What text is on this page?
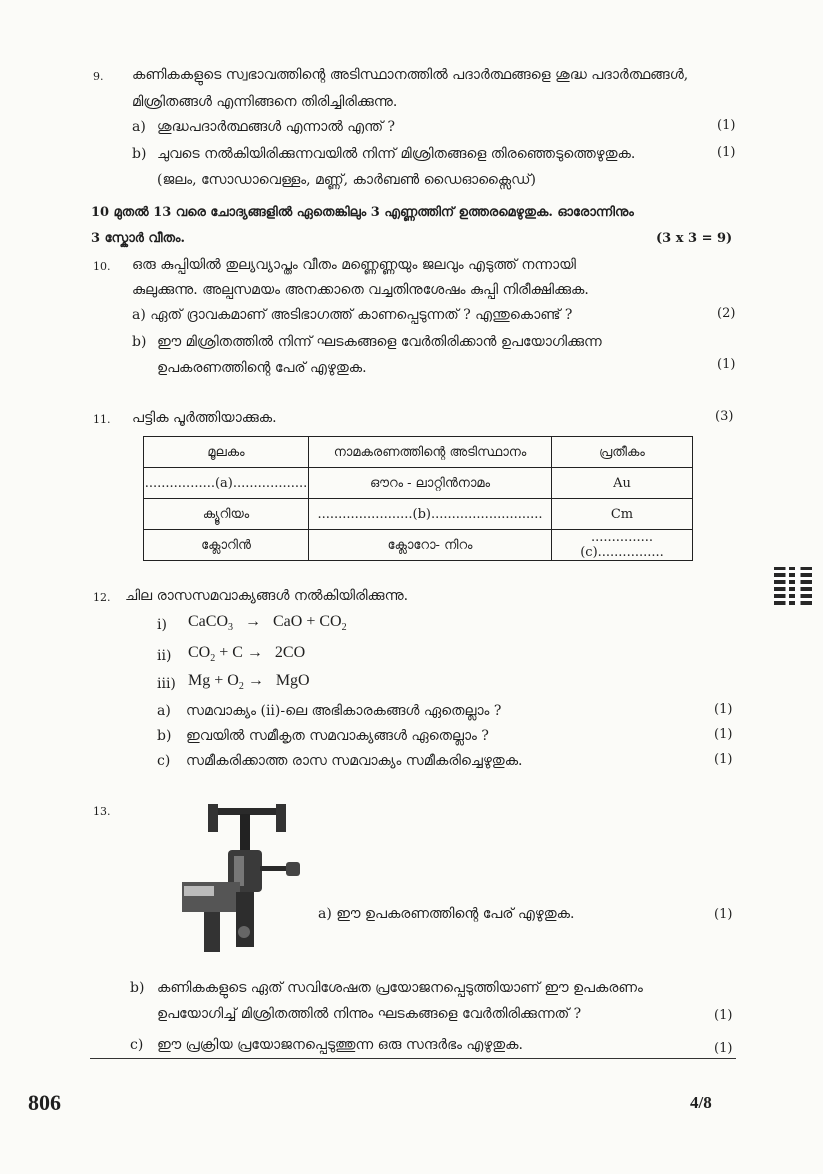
9. കണികകളുടെ സ്വഭാവത്തിന്റെ അടിസ്ഥാനത്തിൽ പദാർത്ഥങ്ങളെ ശുദ്ധ പദാർത്ഥങ്ങൾ,
മിശ്രിതങ്ങൾ എന്നിങ്ങനെ തിരിച്ചിരിക്കുന്നു.
a) ശുദ്ധപദാർത്ഥങ്ങൾ എന്നാൽ എന്ത് ?	(1)
b) ചുവടെ നൽകിയിരിക്കുന്നവയിൽ നിന്ന് മിശ്രിതങ്ങളെ തിരഞ്ഞെടുത്തെഴുതുക.	(1)
(ജലം, സോഡാവെള്ളം, മണ്ണ്, കാർബൺ ഡൈഓക്സൈഡ്)
10 മുതൽ 13 വരെ ചോദ്യങ്ങളിൽ ഏതെങ്കിലും 3 എണ്ണത്തിന് ഉത്തരമെഴുതുക. ഓരോന്നിനും
3 സ്കോർ വീതം.	(3 x 3 = 9)
10. ഒരു കുപ്പിയിൽ തുല്യവ്യാപ്തം വീതം മണ്ണെണ്ണയും ജലവും എടുത്ത് നന്നായി
കുലുക്കുന്നു. അല്പസമയം അനക്കാതെ വച്ചതിനുശേഷം കുപ്പി നിരീക്ഷിക്കുക.
a) ഏത് ദ്രാവകമാണ് അടിഭാഗത്ത് കാണപ്പെടുന്നത് ? എന്തുകൊണ്ട് ?	(2)
b) ഈ മിശ്രിതത്തിൽ നിന്ന് ഘടകങ്ങളെ വേർതിരിക്കാൻ ഉപയോഗിക്കുന്ന
ഉപകരണത്തിന്റെ പേര് എഴുതുക.	(1)
11. പട്ടിക പൂർത്തിയാക്കുക.	(3)
മൂലകം	നാമകരണത്തിന്റെ അടിസ്ഥാനം	പ്രതീകം
.................(a)..................	ഔറം - ലാറ്റിൻനാമം	Au
ക്യൂറിയം	.......................(b)...........................	Cm
ക്ലോറിൻ	ക്ലോറോ- നിറം	...............(c)................
12. ചില രാസസമവാക്യങ്ങൾ നൽകിയിരിക്കുന്നു.
i) CaCO$_3$   →   CaO + $CO_2$
ii) $CO_2 + C \to 2CO$
iii) $Mg + O_2$ →   MgO
a) സമവാക്യം (ii)-ലെ അഭികാരകങ്ങൾ ഏതെല്ലാം ?	(1)
b) ഇവയിൽ സമീകൃത സമവാക്യങ്ങൾ ഏതെല്ലാം ?	(1)
c) സമീകരിക്കാത്ത രാസ സമവാക്യം സമീകരിച്ചെഴുതുക.	(1)
13.
a) ഈ ഉപകരണത്തിന്റെ പേര് എഴുതുക.	(1)
b) കണികകളുടെ ഏത് സവിശേഷത പ്രയോജനപ്പെടുത്തിയാണ് ഈ ഉപകരണം
ഉപയോഗിച്ച് മിശ്രിതത്തിൽ നിന്നും ഘടകങ്ങളെ വേർതിരിക്കുന്നത് ?	(1)
c) ഈ പ്രക്രിയ പ്രയോജനപ്പെടുത്തുന്ന ഒരു സന്ദർഭം എഴുതുക.	(1)
806	4/8
